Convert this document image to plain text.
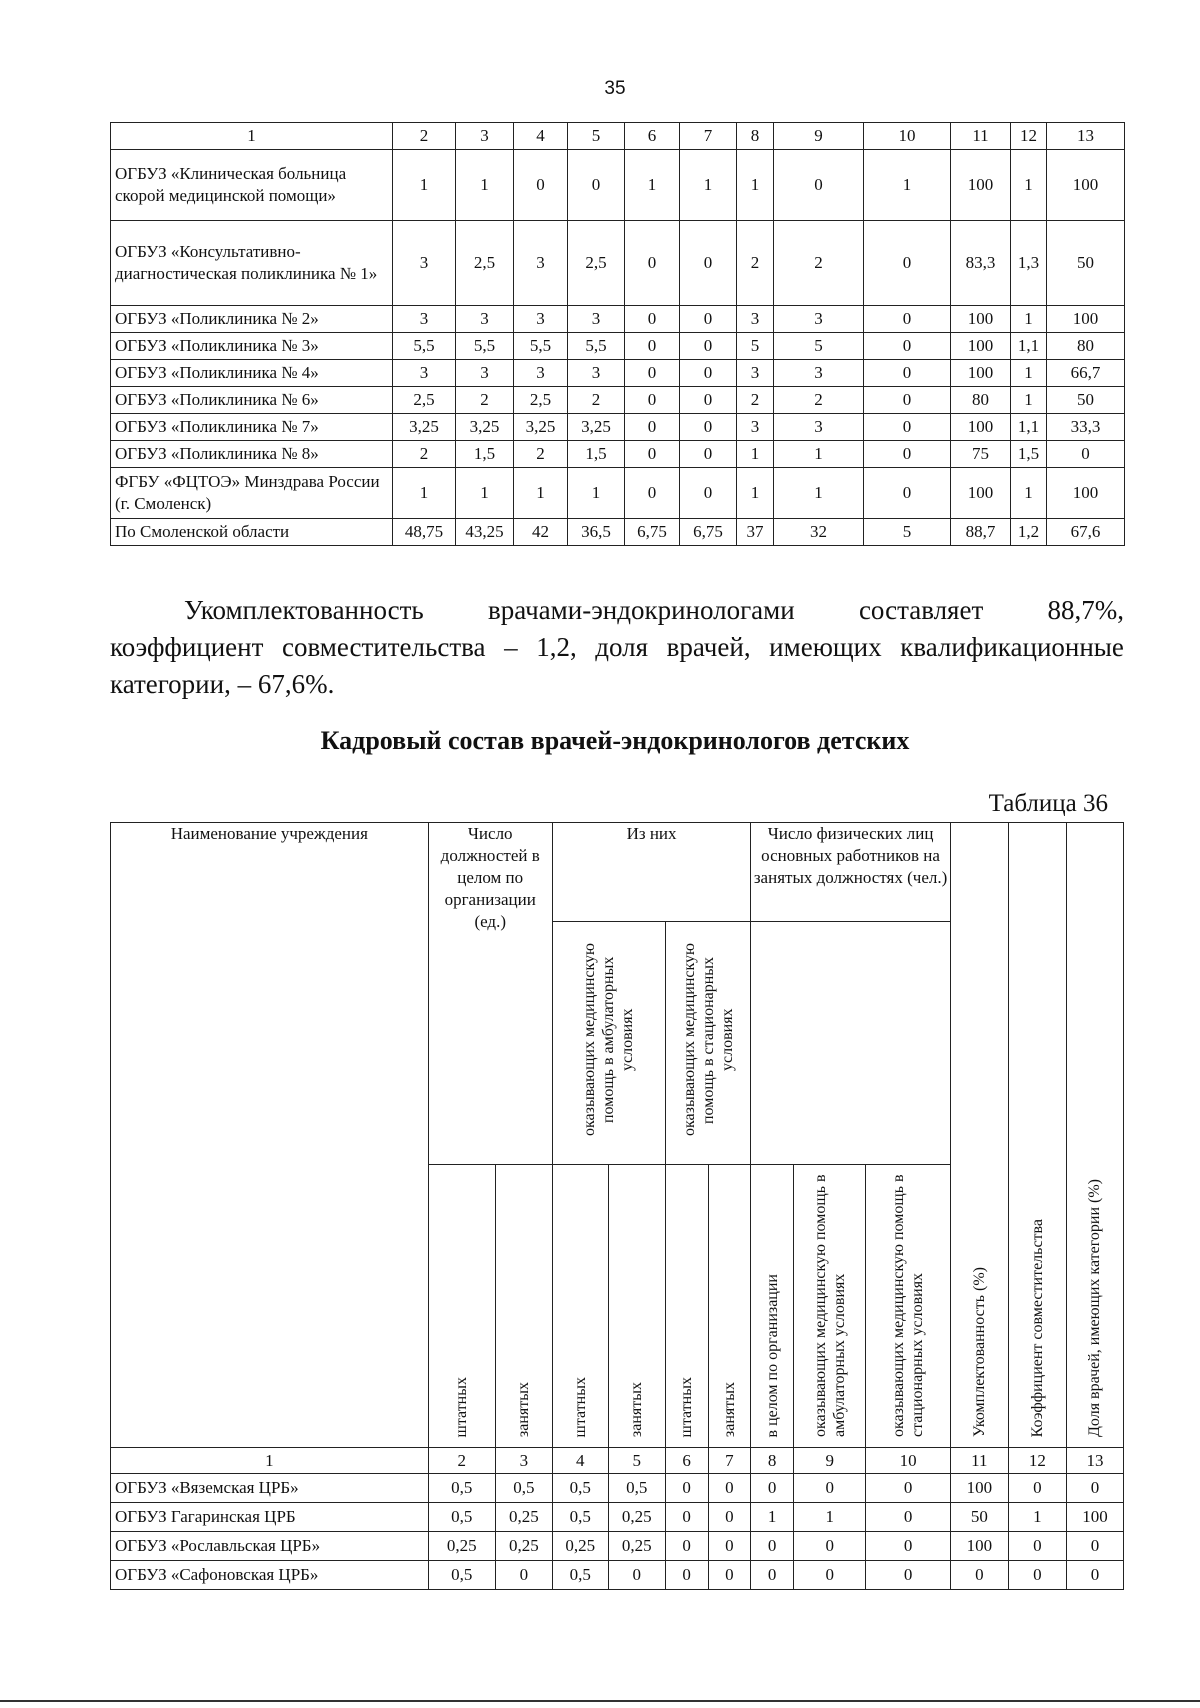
35
1	2	3	4	5	6	7	8	9	10	11	12	13
ОГБУЗ «Клиническая больница скорой медицинской помощи»	1	1	0	0	1	1	1	0	1	100	1	100
ОГБУЗ «Консультативно-диагностическая поликлиника № 1»	3	2,5	3	2,5	0	0	2	2	0	83,3	1,3	50
ОГБУЗ «Поликлиника № 2»	3	3	3	3	0	0	3	3	0	100	1	100
ОГБУЗ «Поликлиника № 3»	5,5	5,5	5,5	5,5	0	0	5	5	0	100	1,1	80
ОГБУЗ «Поликлиника № 4»	3	3	3	3	0	0	3	3	0	100	1	66,7
ОГБУЗ «Поликлиника № 6»	2,5	2	2,5	2	0	0	2	2	0	80	1	50
ОГБУЗ «Поликлиника № 7»	3,25	3,25	3,25	3,25	0	0	3	3	0	100	1,1	33,3
ОГБУЗ «Поликлиника № 8»	2	1,5	2	1,5	0	0	1	1	0	75	1,5	0
ФГБУ «ФЦТОЭ» Минздрава России (г. Смоленск)	1	1	1	1	0	0	1	1	0	100	1	100
По Смоленской области	48,75	43,25	42	36,5	6,75	6,75	37	32	5	88,7	1,2	67,6
Укомплектованность врачами-эндокринологами составляет 88,7%,
коэффициент совместительства – 1,2, доля врачей, имеющих квалификационные
категории, – 67,6%.
Кадровый состав врачей-эндокринологов детских
Таблица 36
Наименование учреждения	Число должностей в целом по организации (ед.)		Из них				Число физических лиц основных работников на занятых должностях (чел.)			Укомплектованность (%)	Коэффициент совместительства	Доля врачей, имеющих категории (%)
			оказывающих медицинскую помощь в амбулаторных условиях		оказывающих медицинскую помощь в стационарных условиях							
	штатных	занятых	штатных	занятых	штатных	занятых	в целом по организации	оказывающих медицинскую помощь в амбулаторных условиях	оказывающих медицинскую помощь в стационарных условиях			
1	2	3	4	5	6	7	8	9	10	11	12	13
ОГБУЗ «Вяземская ЦРБ»	0,5	0,5	0,5	0,5	0	0	0	0	0	100	0	0
ОГБУЗ Гагаринская ЦРБ	0,5	0,25	0,5	0,25	0	0	1	1	0	50	1	100
ОГБУЗ «Рославльская ЦРБ»	0,25	0,25	0,25	0,25	0	0	0	0	0	100	0	0
ОГБУЗ «Сафоновская ЦРБ»	0,5	0	0,5	0	0	0	0	0	0	0	0	0
